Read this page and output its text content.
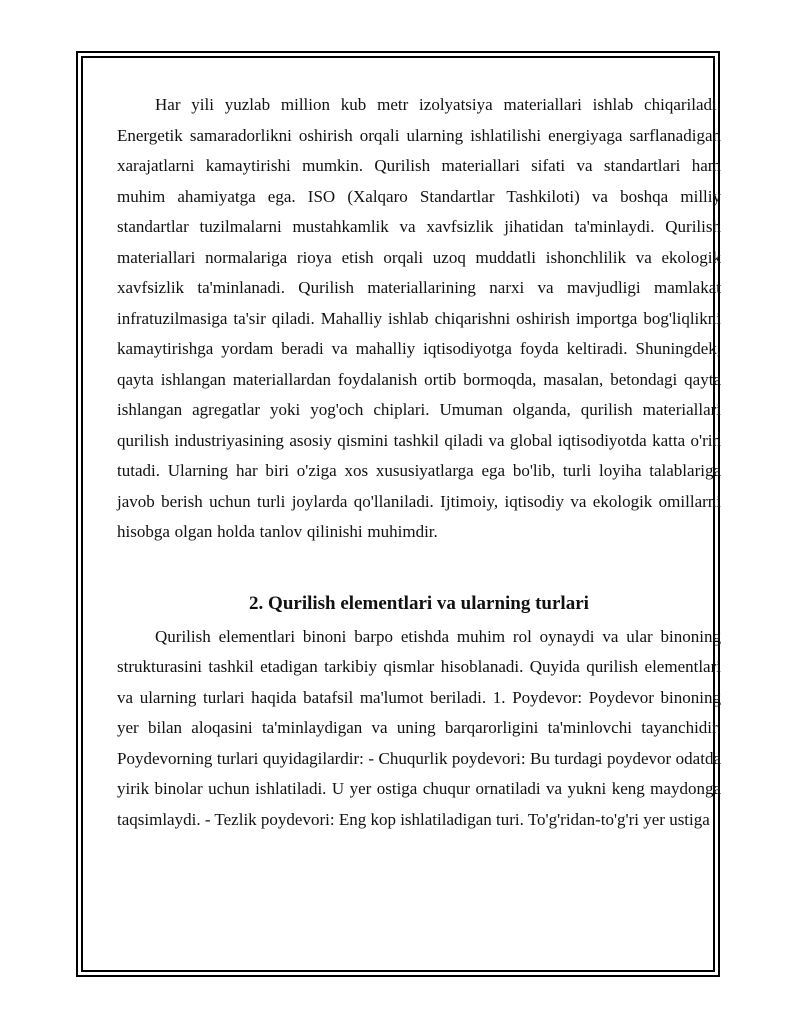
Har yili yuzlab million kub metr izolyatsiya materiallari ishlab chiqariladi. Energetik samaradorlikni oshirish orqali ularning ishlatilishi energiyaga sarflanadigan xarajatlarni kamaytirishi mumkin. Qurilish materiallari sifati va standartlari ham muhim ahamiyatga ega. ISO (Xalqaro Standartlar Tashkiloti) va boshqa milliy standartlar tuzilmalarni mustahkamlik va xavfsizlik jihatidan ta'minlaydi. Qurilish materiallari normalariga rioya etish orqali uzoq muddatli ishonchlilik va ekologik xavfsizlik ta'minlanadi. Qurilish materiallarining narxi va mavjudligi mamlakat infratuzilmasiga ta'sir qiladi. Mahalliy ishlab chiqarishni oshirish importga bog'liqlikni kamaytirishga yordam beradi va mahalliy iqtisodiyotga foyda keltiradi. Shuningdek, qayta ishlangan materiallardan foydalanish ortib bormoqda, masalan, betondagi qayta ishlangan agregatlar yoki yog'och chiplari. Umuman olganda, qurilish materiallari qurilish industriyasining asosiy qismini tashkil qiladi va global iqtisodiyotda katta o'rin tutadi. Ularning har biri o'ziga xos xususiyatlarga ega bo'lib, turli loyiha talablariga javob berish uchun turli joylarda qo'llaniladi. Ijtimoiy, iqtisodiy va ekologik omillarni hisobga olgan holda tanlov qilinishi muhimdir.

2. Qurilish elementlari va ularning turlari

Qurilish elementlari binoni barpo etishda muhim rol oynaydi va ular binoning strukturasini tashkil etadigan tarkibiy qismlar hisoblanadi. Quyida qurilish elementlari va ularning turlari haqida batafsil ma'lumot beriladi. 1. Poydevor: Poydevor binoning yer bilan aloqasini ta'minlaydigan va uning barqarorligini ta'minlovchi tayanchidir. Poydevorning turlari quyidagilardir: - Chuqurlik poydevori: Bu turdagi poydevor odatda yirik binolar uchun ishlatiladi. U yer ostiga chuqur ornatiladi va yukni keng maydonga taqsimlaydi. - Tezlik poydevori: Eng kop ishlatiladigan turi. To'g'ridan-to'g'ri yer ustiga
